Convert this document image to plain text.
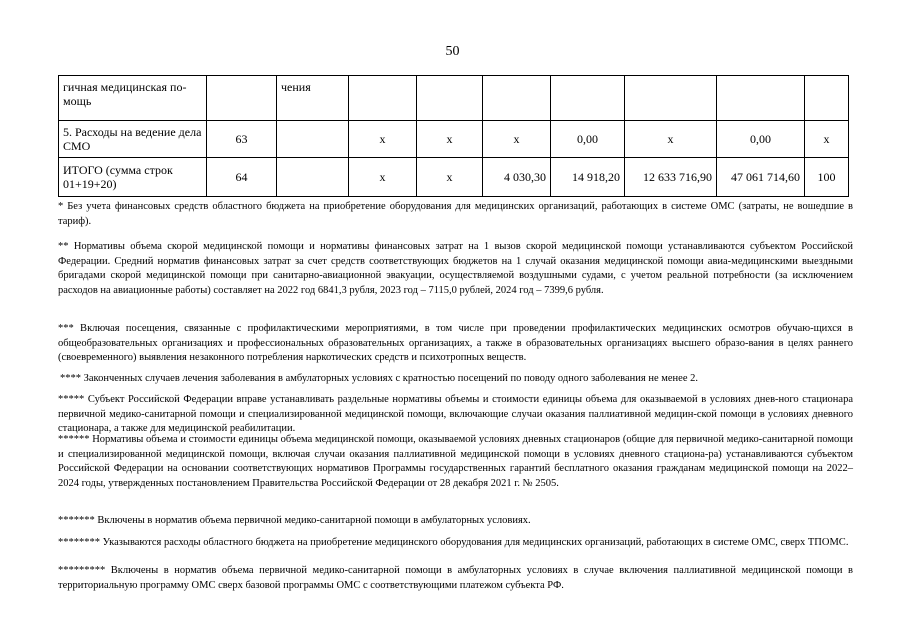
50
гичная медицинская по-мощь		чения							
5. Расходы на ведение дела СМО	63		х	х	х	0,00	х	0,00	х
ИТОГО (сумма строк 01+19+20)	64		х	х	4 030,30	14 918,20	12 633 716,90	47 061 714,60	100
* Без учета финансовых средств областного бюджета на приобретение оборудования для медицинских организаций, работающих в системе ОМС (затраты, не вошедшие в тариф).
** Нормативы объема скорой медицинской помощи и нормативы финансовых затрат на 1 вызов скорой медицинской помощи устанавливаются субъектом Российской Федерации. Средний норматив финансовых затрат за счет средств соответствующих бюджетов на 1 случай оказания медицинской помощи авиа-медицинскими выездными бригадами скорой медицинской помощи при санитарно-авиационной эвакуации, осуществляемой воздушными судами, с учетом реальной потребности (за исключением расходов на авиационные работы) составляет на 2022 год 6841,3 рубля, 2023 год – 7115,0 рублей, 2024 год – 7399,6 рубля.
*** Включая посещения, связанные с профилактическими мероприятиями, в том числе при проведении профилактических медицинских осмотров обучаю-щихся в общеобразовательных организациях и профессиональных образовательных организациях, а также в образовательных организациях высшего образо-вания в целях раннего (своевременного) выявления незаконного потребления наркотических средств и психотропных веществ.
**** Законченных случаев лечения заболевания в амбулаторных условиях с кратностью посещений по поводу одного заболевания не менее 2.
***** Субъект Российской Федерации вправе устанавливать раздельные нормативы объемы и стоимости единицы объема для оказываемой в условиях днев-ного стационара первичной медико-санитарной помощи и специализированной медицинской помощи, включающие случаи оказания паллиативной медицин-ской помощи в условиях дневного стационара, а также для медицинской реабилитации.
****** Нормативы объема и стоимости единицы объема медицинской помощи, оказываемой условиях дневных стационаров (общие для первичной медико-санитарной помощи и специализированной медицинской помощи, включая случаи оказания паллиативной медицинской помощи в условиях дневного стациона-ра) устанавливаются субъектом Российской Федерации на основании соответствующих нормативов Программы государственных гарантий бесплатного оказания гражданам медицинской помощи на 2022–2024 годы, утвержденных постановлением Правительства Российской Федерации от 28 декабря 2021 г. № 2505.
******* Включены в норматив объема первичной медико-санитарной помощи в амбулаторных условиях.
******** Указываются расходы областного бюджета на приобретение медицинского оборудования для медицинских организаций, работающих в системе ОМС, сверх ТПОМС.
********* Включены в норматив объема первичной медико-санитарной помощи в амбулаторных условиях в случае включения паллиативной медицинской помощи в территориальную программу ОМС сверх базовой программы ОМС с соответствующими платежом субъекта РФ.
